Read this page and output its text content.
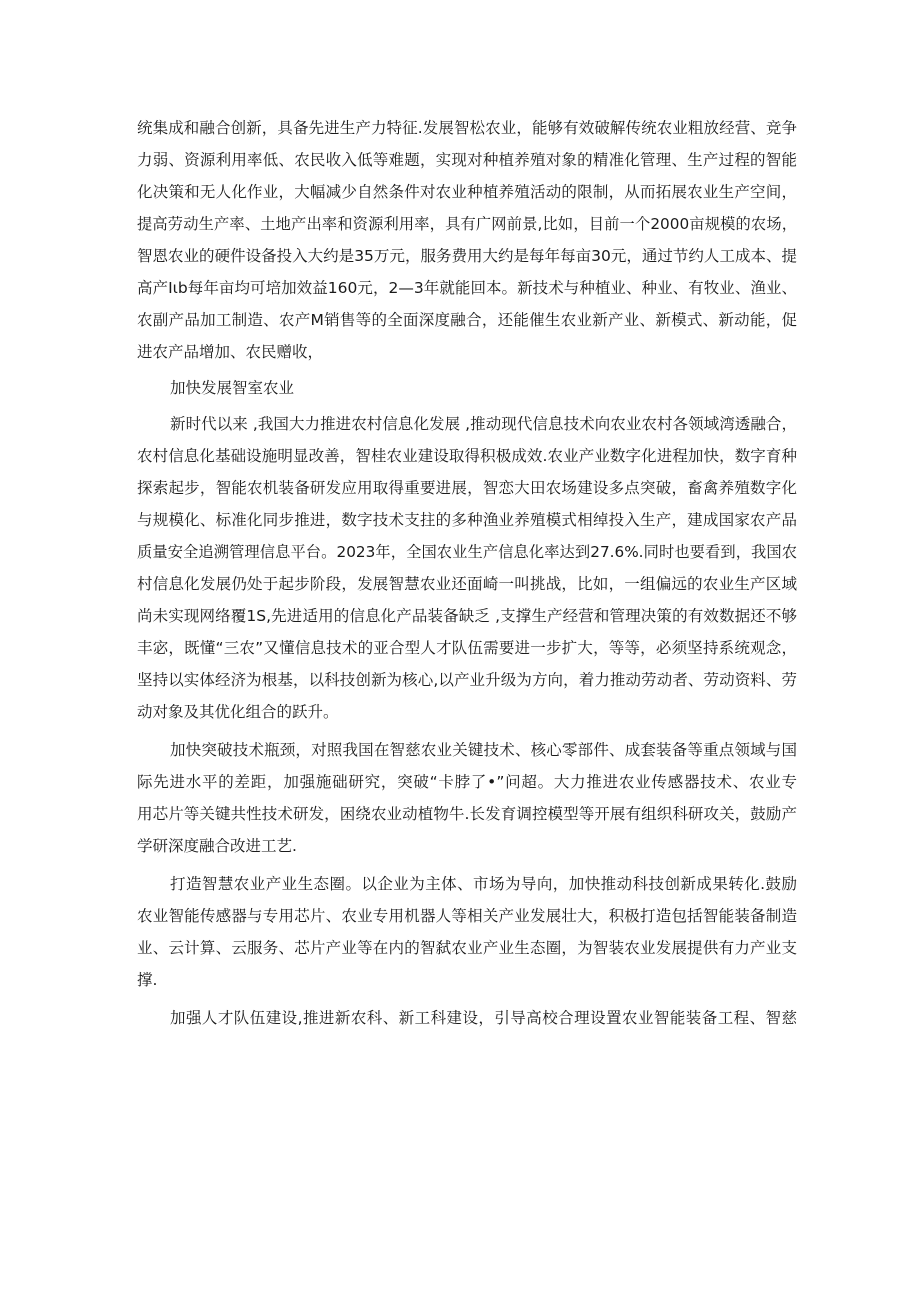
统集成和融合创新，具备先进生产力特征.发展智松农业，能够有效破解传统农业粗放经营、竞争
力弱、资源利用率低、农民收入低等难题，实现对种植养殖对象的精准化管理、生产过程的智能
化决策和无人化作业，大幅减少自然条件对农业种植养殖活动的限制，从而拓展农业生产空间，
提高劳动生产率、土地产出率和资源利用率，具有广网前景,比如，目前一个2000亩规模的农场，
智恩农业的硬件设备投入大约是35万元，服务费用大约是每年每亩30元，通过节约人工成本、提
高产Iιb每年亩均可培加效益160元，2—3年就能回本。新技术与种植业、种业、有牧业、渔业、
农副产品加工制造、农产M销售等的全面深度融合，还能催生农业新产业、新模式、新动能，促
进农产品增加、农民赠收，
加快发展智室农业
新时代以来 ,我国大力推进农村信息化发展 ,推动现代信息技术向农业农村各领域湾透融合，
农村信息化基础设施明显改善，智桂农业建设取得积极成效.农业产业数字化进程加快，数字育种
探索起步，智能农机装备研发应用取得重要进展，智恋大田农场建设多点突破，畜禽养殖数字化
与规模化、标准化同步推进，数字技术支拄的多种渔业养殖模式相绰投入生产，建成国家农产品
质量安全追溯管理信息平台。2023年，全国农业生产信息化率达到27.6%.同时也要看到，我国农
村信息化发展仍处于起步阶段，发展智慧农业还面崎一叫挑战，比如，一组偏远的农业生产区域
尚未实现网络覆1S,先进适用的信息化产品装备缺乏 ,支撑生产经营和管理决策的有效数据还不够
丰宓，既懂“三农”又懂信息技术的亚合型人才队伍需要进一步扩大，等等，必须坚持系统观念，
坚持以实体经济为根基，以科技创新为核心,以产业升级为方向，着力推动劳动者、劳动资料、劳
动对象及其优化组合的跃升。
加快突破技术瓶颈，对照我国在智慈农业关键技术、核心零部件、成套装备等重点领域与国
际先进水平的差距，加强施础研究，突破“卡脖了•”问超。大力推进农业传感器技术、农业专
用芯片等关键共性技术研发，困绕农业动植物牛.长发育调控模型等开展有组织科研攻关，鼓励产
学研深度融合改进工艺.
打造智慧农业产业生态圈。以企业为主体、市场为导向，加快推动科技创新成果转化.鼓励
农业智能传感器与专用芯片、农业专用机器人等相关产业发展壮大，积极打造包括智能装备制造
业、云计算、云服务、芯片产业等在内的智弑农业产业生态圈，为智装农业发展提供有力产业支
撑.
加强人才队伍建设,推进新农科、新工科建设，引导高校合理设置农业智能装备工程、智慈
